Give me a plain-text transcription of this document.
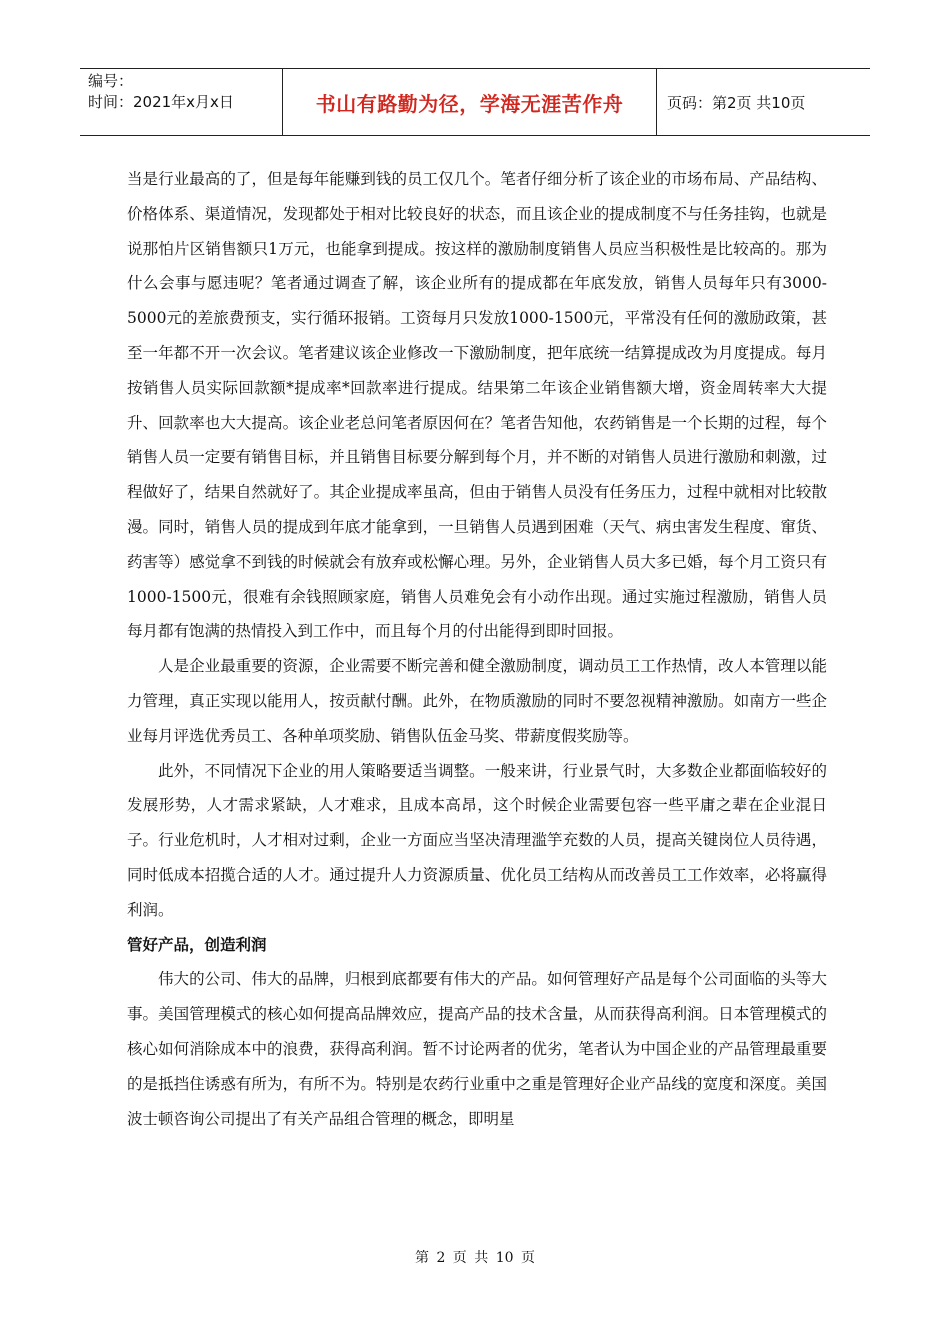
编号：
时间：2021年x月x日	书山有路勤为径，学海无涯苦作舟	页码：第2页 共10页

当是行业最高的了，但是每年能赚到钱的员工仅几个。笔者仔细分析了该企业的市场布局、产品结构、价格体系、渠道情况，发现都处于相对比较良好的状态，而且该企业的提成制度不与任务挂钩，也就是说那怕片区销售额只1万元，也能拿到提成。按这样的激励制度销售人员应当积极性是比较高的。那为什么会事与愿违呢？笔者通过调查了解，该企业所有的提成都在年底发放，销售人员每年只有3000-5000元的差旅费预支，实行循环报销。工资每月只发放1000-1500元，平常没有任何的激励政策，甚至一年都不开一次会议。笔者建议该企业修改一下激励制度，把年底统一结算提成改为月度提成。每月按销售人员实际回款额*提成率*回款率进行提成。结果第二年该企业销售额大增，资金周转率大大提升、回款率也大大提高。该企业老总问笔者原因何在？笔者告知他，农药销售是一个长期的过程，每个销售人员一定要有销售目标，并且销售目标要分解到每个月，并不断的对销售人员进行激励和刺激，过程做好了，结果自然就好了。其企业提成率虽高，但由于销售人员没有任务压力，过程中就相对比较散漫。同时，销售人员的提成到年底才能拿到，一旦销售人员遇到困难（天气、病虫害发生程度、窜货、药害等）感觉拿不到钱的时候就会有放弃或松懈心理。另外，企业销售人员大多已婚，每个月工资只有1000-1500元，很难有余钱照顾家庭，销售人员难免会有小动作出现。通过实施过程激励，销售人员每月都有饱满的热情投入到工作中，而且每个月的付出能得到即时回报。

人是企业最重要的资源，企业需要不断完善和健全激励制度，调动员工工作热情，改人本管理以能力管理，真正实现以能用人，按贡献付酬。此外，在物质激励的同时不要忽视精神激励。如南方一些企业每月评选优秀员工、各种单项奖励、销售队伍金马奖、带薪度假奖励等。

此外，不同情况下企业的用人策略要适当调整。一般来讲，行业景气时，大多数企业都面临较好的发展形势，人才需求紧缺，人才难求，且成本高昂，这个时候企业需要包容一些平庸之辈在企业混日子。行业危机时，人才相对过剩，企业一方面应当坚决清理滥竽充数的人员，提高关键岗位人员待遇，同时低成本招揽合适的人才。通过提升人力资源质量、优化员工结构从而改善员工工作效率，必将赢得利润。

管好产品，创造利润

伟大的公司、伟大的品牌，归根到底都要有伟大的产品。如何管理好产品是每个公司面临的头等大事。美国管理模式的核心如何提高品牌效应，提高产品的技术含量，从而获得高利润。日本管理模式的核心如何消除成本中的浪费，获得高利润。暂不讨论两者的优劣，笔者认为中国企业的产品管理最重要的是抵挡住诱惑有所为，有所不为。特别是农药行业重中之重是管理好企业产品线的宽度和深度。美国波士顿咨询公司提出了有关产品组合管理的概念，即明星

第 2 页 共 10 页
